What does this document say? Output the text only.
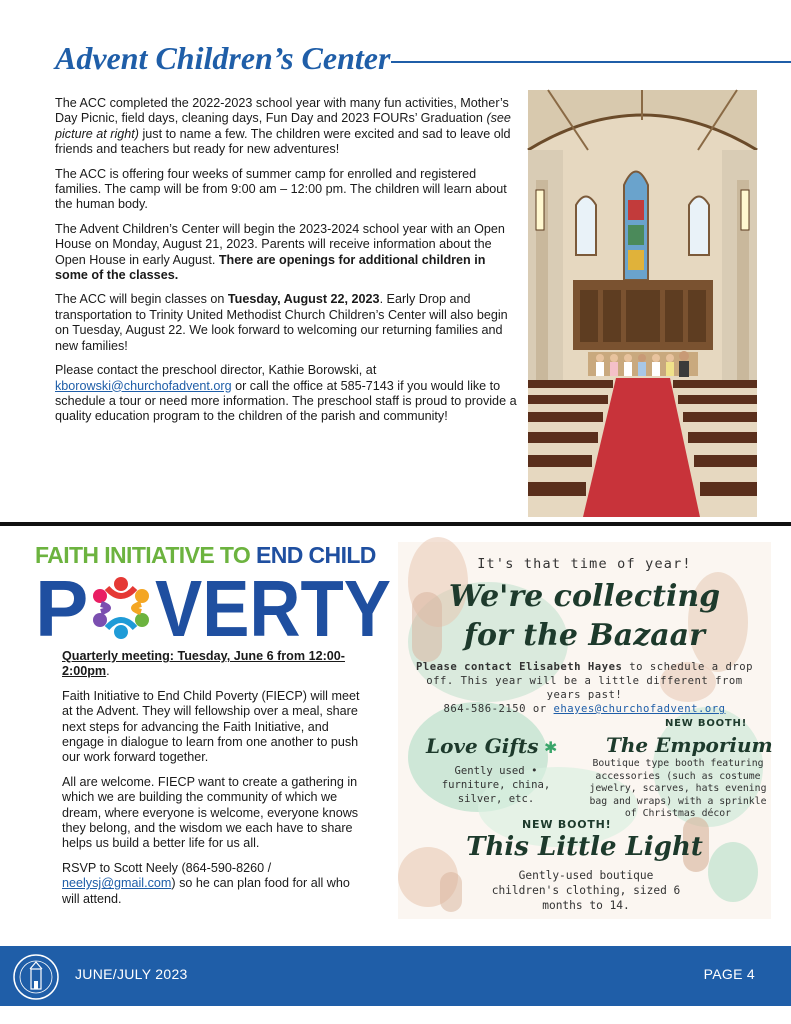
Advent Children’s Center

The ACC completed the 2022-2023 school year with many fun activities, Mother’s Day Picnic, field days, cleaning days, Fun Day and 2023 FOURs’ Graduation (see picture at right) just to name a few. The children were excited and sad to leave old friends and teachers but ready for new adventures!

The ACC is offering four weeks of summer camp for enrolled and registered families. The camp will be from 9:00 am – 12:00 pm. The children will learn about the human body.

The Advent Children’s Center will begin the 2023-2024 school year with an Open House on Monday, August 21, 2023. Parents will receive information about the Open House in early August. There are openings for additional children in some of the classes.

The ACC will begin classes on Tuesday, August 22, 2023. Early Drop and transportation to Trinity United Methodist Church Children’s Center will also begin on Tuesday, August 22. We look forward to welcoming our returning families and new families!

Please contact the preschool director, Kathie Borowski, at kborowski@churchofadvent.org or call the office at 585-7143 if you would like to schedule a tour or need more information. The preschool staff is proud to provide a quality education program to the children of the parish and community!

FAITH INITIATIVE TO END CHILD
P VERTY

Quarterly meeting: Tuesday, June 6 from 12:00-2:00pm.

Faith Initiative to End Child Poverty (FIECP) will meet at the Advent. They will fellowship over a meal, share next steps for advancing the Faith Initiative, and engage in dialogue to learn from one another to push our work forward together.

All are welcome. FIECP want to create a gathering in which we are building the community of which we dream, where everyone is welcome, everyone knows they belong, and the wisdom we each have to share helps us build a better life for us all.

RSVP to Scott Neely (864-590-8260 / neelysj@gmail.com) so he can plan food for all who will attend.

It's that time of year!
We're collecting
for the Bazaar
Please contact Elisabeth Hayes to schedule a drop off. This year will be a little different from years past!
864-586-2150 or ehayes@churchofadvent.org
Love Gifts ✱
Gently used • furniture, china, silver, etc.
NEW BOOTH!
The Emporium
Boutique type booth featuring accessories (such as costume jewelry, scarves, hats evening bag and wraps) with a sprinkle of Christmas décor
NEW BOOTH!
This Little Light
Gently-used boutique children's clothing, sized 6 months to 14.
JUNE/JULY 2023	PAGE 4
